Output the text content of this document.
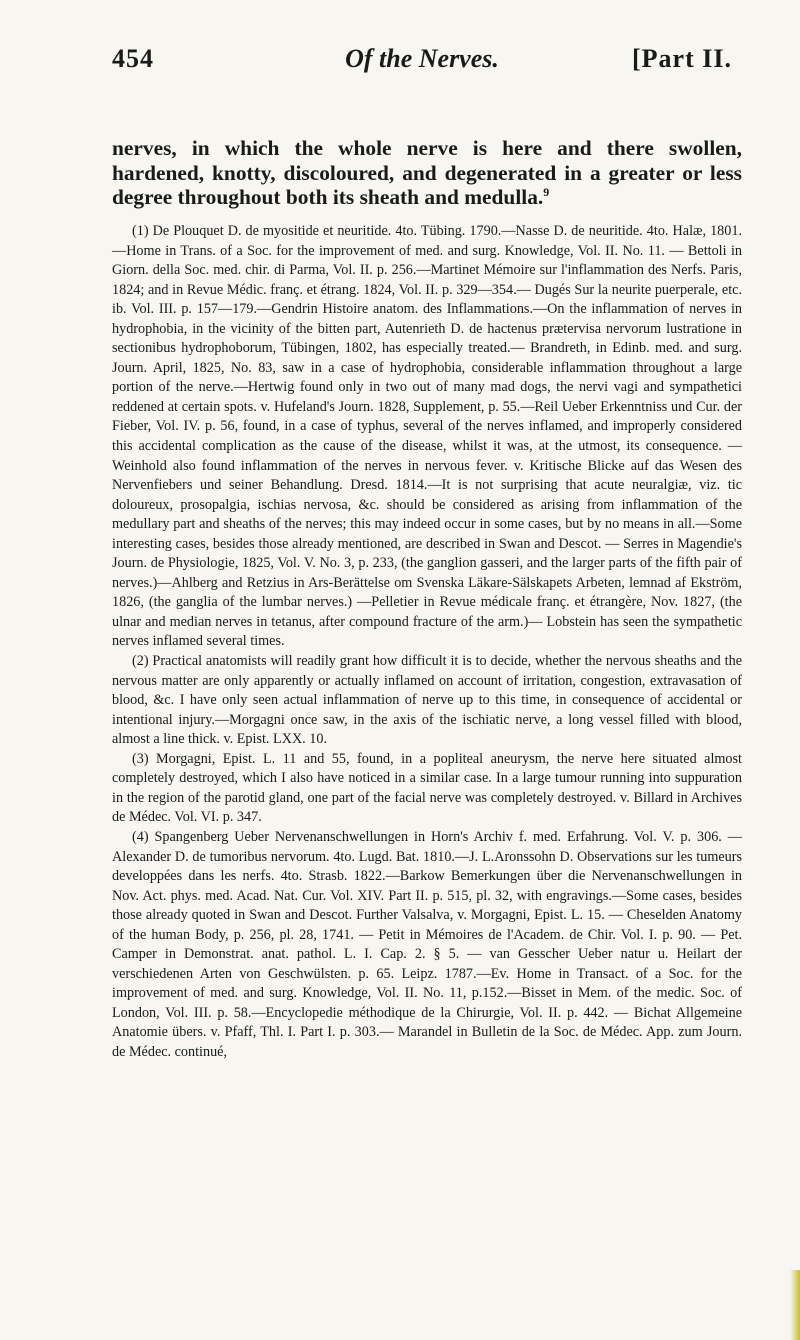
454	Of the Nerves.	[Part II.

nerves, in which the whole nerve is here and there swollen, hardened, knotty, discoloured, and degenerated in a greater or less degree throughout both its sheath and medulla.$^9$

(1) De Plouquet D. de myositide et neuritide. 4to. Tübing. 1790.—Nasse D. de neuritide. 4to. Halæ, 1801.—Home in Trans. of a Soc. for the improvement of med. and surg. Knowledge, Vol. II. No. 11. — Bettoli in Giorn. della Soc. med. chir. di Parma, Vol. II. p. 256.—Martinet Mémoire sur l'inflammation des Nerfs. Paris, 1824; and in Revue Médic. franç. et étrang. 1824, Vol. II. p. 329—354.— Dugés Sur la neurite puerperale, etc. ib. Vol. III. p. 157—179.—Gendrin Histoire anatom. des Inflammations.—On the inflammation of nerves in hydrophobia, in the vicinity of the bitten part, Autenrieth D. de hactenus prætervisa nervorum lustratione in sectionibus hydrophoborum, Tübingen, 1802, has especially treated.— Brandreth, in Edinb. med. and surg. Journ. April, 1825, No. 83, saw in a case of hydrophobia, considerable inflammation throughout a large portion of the nerve.—Hertwig found only in two out of many mad dogs, the nervi vagi and sympathetici reddened at certain spots. v. Hufeland's Journ. 1828, Supplement, p. 55.—Reil Ueber Erkenntniss und Cur. der Fieber, Vol. IV. p. 56, found, in a case of typhus, several of the nerves inflamed, and improperly considered this accidental complication as the cause of the disease, whilst it was, at the utmost, its consequence. — Weinhold also found inflammation of the nerves in nervous fever. v. Kritische Blicke auf das Wesen des Nervenfiebers und seiner Behandlung. Dresd. 1814.—It is not surprising that acute neuralgiæ, viz. tic doloureux, prosopalgia, ischias nervosa, &c. should be considered as arising from inflammation of the medullary part and sheaths of the nerves; this may indeed occur in some cases, but by no means in all.—Some interesting cases, besides those already mentioned, are described in Swan and Descot. — Serres in Magendie's Journ. de Physiologie, 1825, Vol. V. No. 3, p. 233, (the ganglion gasseri, and the larger parts of the fifth pair of nerves.)—Ahlberg and Retzius in Ars-Berättelse om Svenska Läkare-Sälskapets Arbeten, lemnad af Ekström, 1826, (the ganglia of the lumbar nerves.) —Pelletier in Revue médicale franç. et étrangère, Nov. 1827, (the ulnar and median nerves in tetanus, after compound fracture of the arm.)— Lobstein has seen the sympathetic nerves inflamed several times.

(2) Practical anatomists will readily grant how difficult it is to decide, whether the nervous sheaths and the nervous matter are only apparently or actually inflamed on account of irritation, congestion, extravasation of blood, &c. I have only seen actual inflammation of nerve up to this time, in consequence of accidental or intentional injury.—Morgagni once saw, in the axis of the ischiatic nerve, a long vessel filled with blood, almost a line thick. v. Epist. LXX. 10.

(3) Morgagni, Epist. L. 11 and 55, found, in a popliteal aneurysm, the nerve here situated almost completely destroyed, which I also have noticed in a similar case. In a large tumour running into suppuration in the region of the parotid gland, one part of the facial nerve was completely destroyed. v. Billard in Archives de Médec. Vol. VI. p. 347.

(4) Spangenberg Ueber Nervenanschwellungen in Horn's Archiv f. med. Erfahrung. Vol. V. p. 306. — Alexander D. de tumoribus nervorum. 4to. Lugd. Bat. 1810.—J. L.Aronssohn D. Observations sur les tumeurs developpées dans les nerfs. 4to. Strasb. 1822.—Barkow Bemerkungen über die Nervenanschwellungen in Nov. Act. phys. med. Acad. Nat. Cur. Vol. XIV. Part II. p. 515, pl. 32, with engravings.—Some cases, besides those already quoted in Swan and Descot. Further Valsalva, v. Morgagni, Epist. L. 15. — Cheselden Anatomy of the human Body, p. 256, pl. 28, 1741. — Petit in Mémoires de l'Academ. de Chir. Vol. I. p. 90. — Pet. Camper in Demonstrat. anat. pathol. L. I. Cap. 2. § 5. — van Gesscher Ueber natur u. Heilart der verschiedenen Arten von Geschwülsten. p. 65. Leipz. 1787.—Ev. Home in Transact. of a Soc. for the improvement of med. and surg. Knowledge, Vol. II. No. 11, p.152.—Bisset in Mem. of the medic. Soc. of London, Vol. III. p. 58.—Encyclopedie méthodique de la Chirurgie, Vol. II. p. 442. — Bichat Allgemeine Anatomie übers. v. Pfaff, Thl. I. Part I. p. 303.— Marandel in Bulletin de la Soc. de Médec. App. zum Journ. de Médec. continué,
